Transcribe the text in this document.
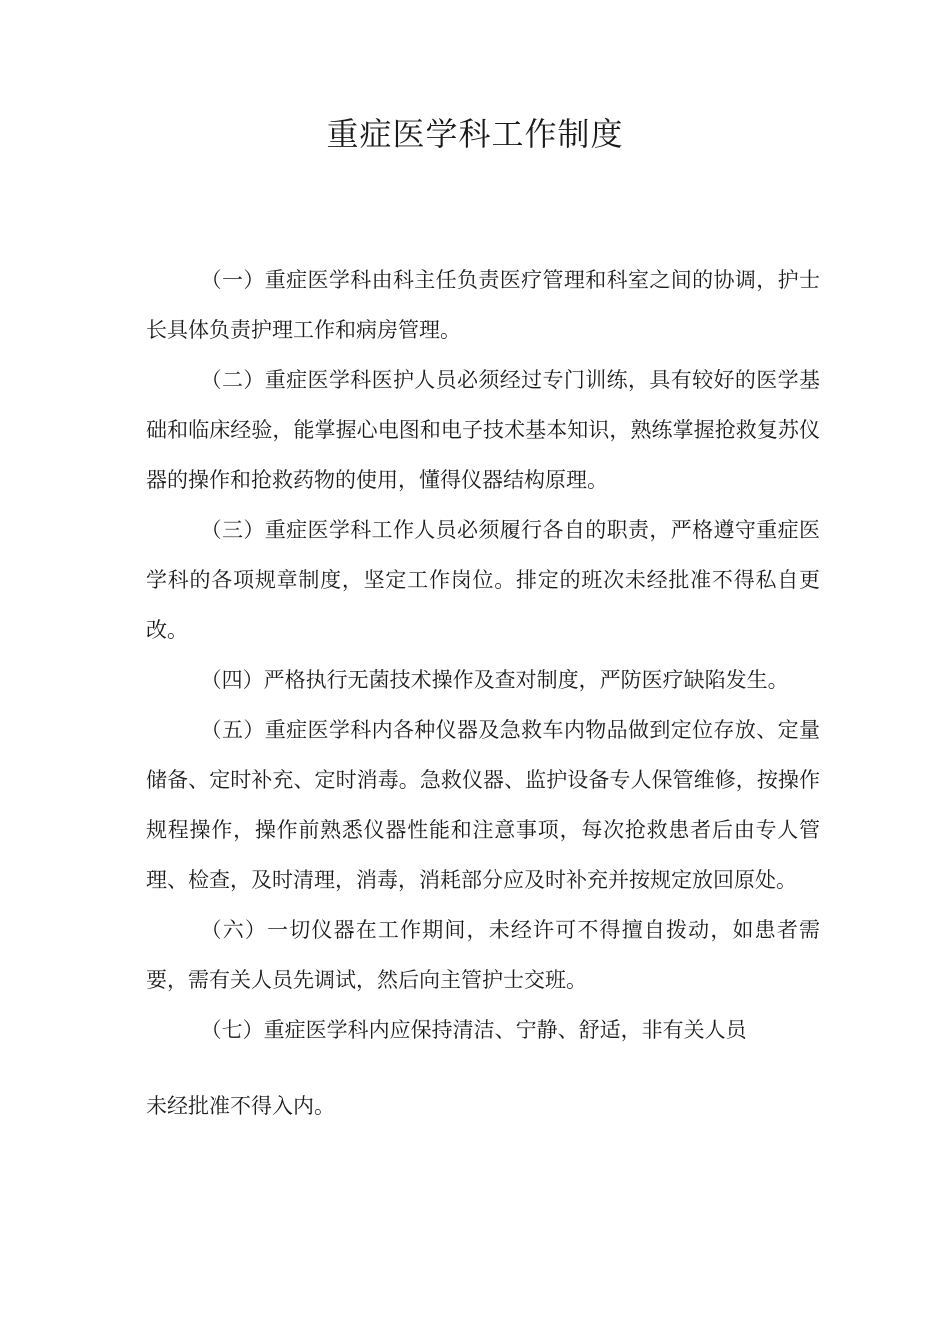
重症医学科工作制度

（一）重症医学科由科主任负责医疗管理和科室之间的协调，护士长具体负责护理工作和病房管理。

（二）重症医学科医护人员必须经过专门训练，具有较好的医学基础和临床经验，能掌握心电图和电子技术基本知识，熟练掌握抢救复苏仪器的操作和抢救药物的使用，懂得仪器结构原理。

（三）重症医学科工作人员必须履行各自的职责，严格遵守重症医学科的各项规章制度，坚定工作岗位。排定的班次未经批准不得私自更改。

（四）严格执行无菌技术操作及查对制度，严防医疗缺陷发生。

（五）重症医学科内各种仪器及急救车内物品做到定位存放、定量储备、定时补充、定时消毒。急救仪器、监护设备专人保管维修，按操作规程操作，操作前熟悉仪器性能和注意事项，每次抢救患者后由专人管理、检查，及时清理，消毒，消耗部分应及时补充并按规定放回原处。

（六）一切仪器在工作期间，未经许可不得擅自拨动，如患者需要，需有关人员先调试，然后向主管护士交班。

（七）重症医学科内应保持清洁、宁静、舒适，非有关人员

未经批准不得入内。
